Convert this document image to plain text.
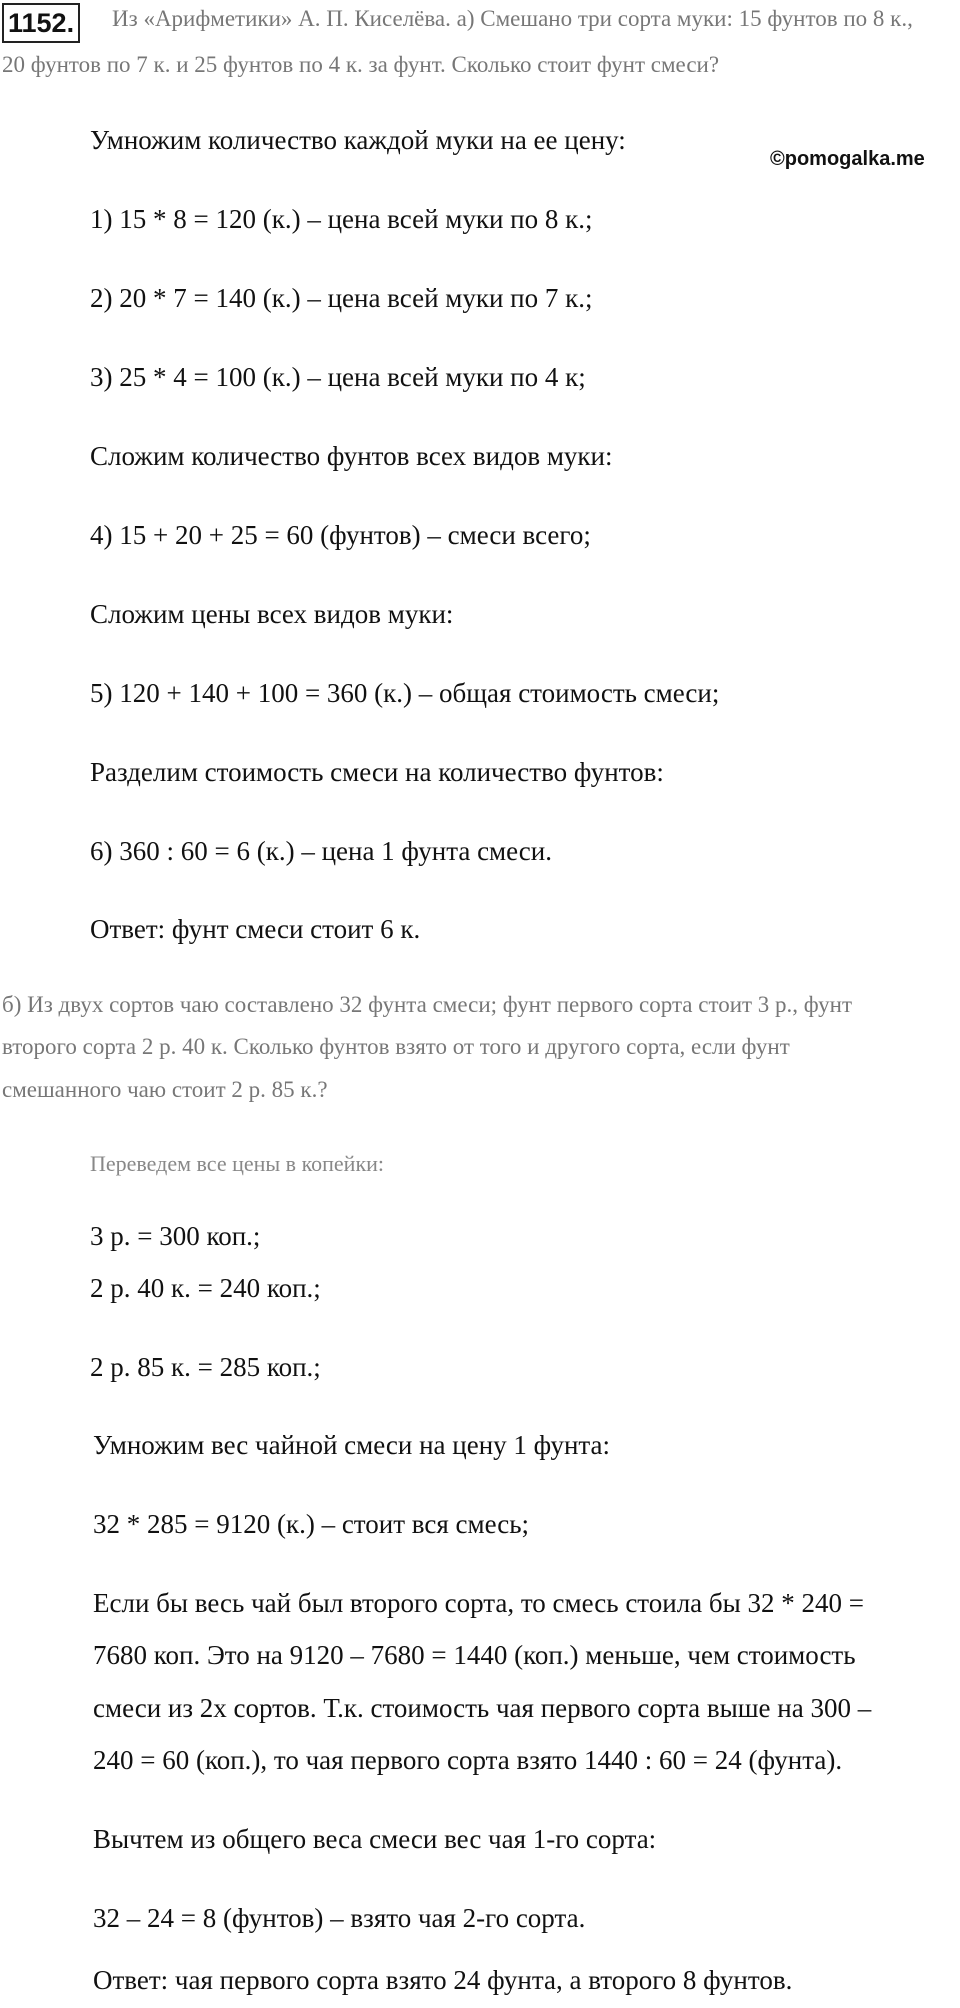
1152. Из «Арифметики» А. П. Киселёва. а) Смешано три сорта муки: 15 фунтов по 8 к.,
20 фунтов по 7 к. и 25 фунтов по 4 к. за фунт. Сколько стоит фунт смеси?
©pomogalka.me
Умножим количество каждой муки на ее цену:
1) 15 * 8 = 120 (к.) – цена всей муки по 8 к.;
2) 20 * 7 = 140 (к.) – цена всей муки по 7 к.;
3) 25 * 4 = 100 (к.) – цена всей муки по 4 к;
Сложим количество фунтов всех видов муки:
4) 15 + 20 + 25 = 60 (фунтов) – смеси всего;
Сложим цены всех видов муки:
5) 120 + 140 + 100 = 360 (к.) – общая стоимость смеси;
Разделим стоимость смеси на количество фунтов:
6) 360 : 60 = 6 (к.) – цена 1 фунта смеси.
Ответ: фунт смеси стоит 6 к.
б) Из двух сортов чаю составлено 32 фунта смеси; фунт первого сорта стоит 3 р., фунт
второго сорта 2 р. 40 к. Сколько фунтов взято от того и другого сорта, если фунт
смешанного чаю стоит 2 р. 85 к.?
Переведем все цены в копейки:
3 р. = 300 коп.;
2 р. 40 к. = 240 коп.;
2 р. 85 к. = 285 коп.;
Умножим вес чайной смеси на цену 1 фунта:
32 * 285 = 9120 (к.) – стоит вся смесь;
Если бы весь чай был второго сорта, то смесь стоила бы 32 * 240 =
7680 коп. Это на 9120 – 7680 = 1440 (коп.) меньше, чем стоимость
смеси из 2х сортов. Т.к. стоимость чая первого сорта выше на 300 –
240 = 60 (коп.), то чая первого сорта взято 1440 : 60 = 24 (фунта).
Вычтем из общего веса смеси вес чая 1-го сорта:
32 – 24 = 8 (фунтов) – взято чая 2-го сорта.
Ответ: чая первого сорта взято 24 фунта, а второго 8 фунтов.
